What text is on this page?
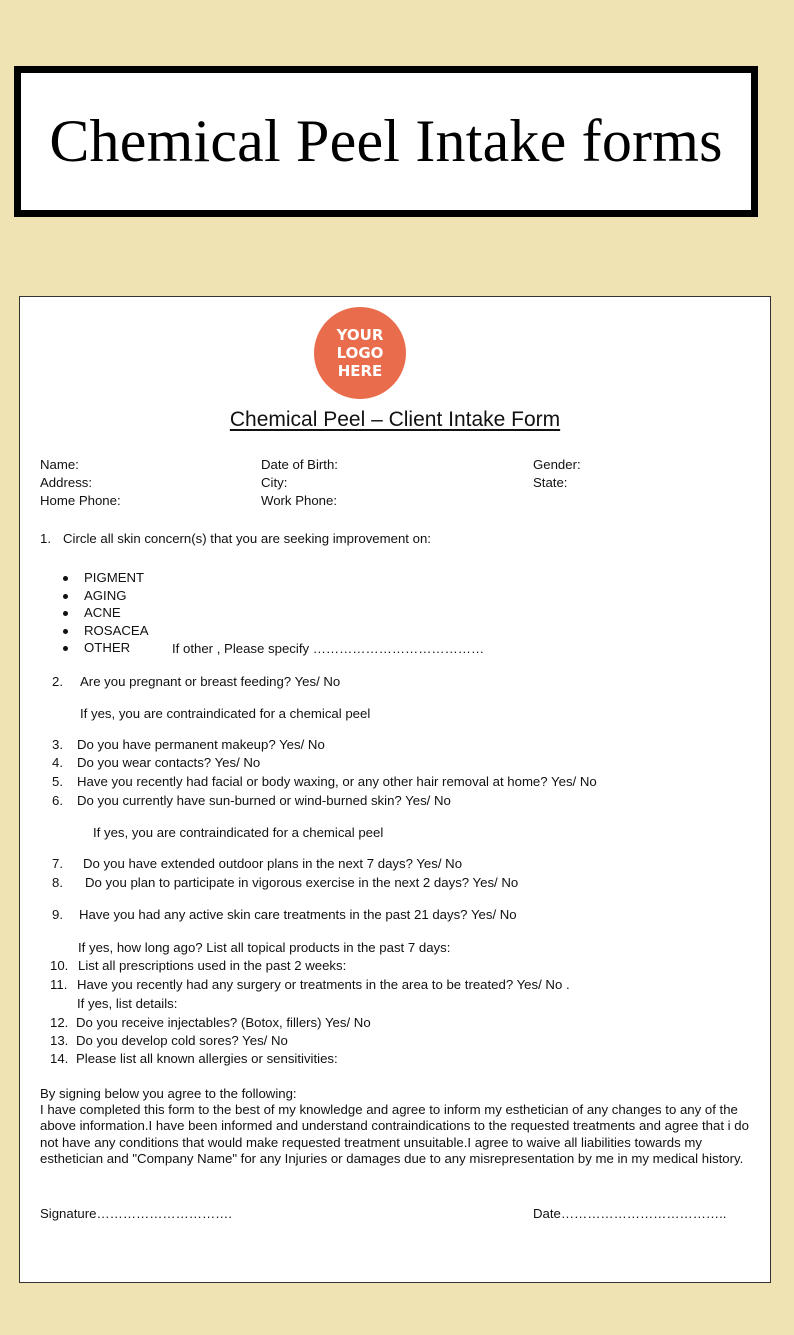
Chemical Peel Intake forms
YOUR
LOGO
HERE
Chemical Peel – Client Intake Form
Name:	Date of Birth:	Gender:
Address:	City:	State:
Home Phone:	Work Phone:
1. Circle all skin concern(s) that you are seeking improvement on:
PIGMENT
AGING
ACNE
ROSACEA
OTHER	If other , Please specify …………………………………
2. Are you pregnant or breast feeding? Yes/ No
If yes, you are contraindicated for a chemical peel
3. Do you have permanent makeup? Yes/ No
4. Do you wear contacts? Yes/ No
5. Have you recently had facial or body waxing, or any other hair removal at home? Yes/ No
6. Do you currently have sun-burned or wind-burned skin? Yes/ No
If yes, you are contraindicated for a chemical peel
7. Do you have extended outdoor plans in the next 7 days? Yes/ No
8. Do you plan to participate in vigorous exercise in the next 2 days? Yes/ No
9. Have you had any active skin care treatments in the past 21 days? Yes/ No
If yes, how long ago? List all topical products in the past 7 days:
10. List all prescriptions used in the past 2 weeks:
11. Have you recently had any surgery or treatments in the area to be treated? Yes/ No .
If yes, list details:
12. Do you receive injectables? (Botox, fillers) Yes/ No
13. Do you develop cold sores? Yes/ No
14. Please list all known allergies or sensitivities:
By signing below you agree to the following:
I have completed this form to the best of my knowledge and agree to inform my esthetician of any changes to any of the above information.I have been informed and understand contraindications to the requested treatments and agree that i do not have any conditions that would make requested treatment unsuitable.I agree to waive all liabilities towards my esthetician and "Company Name" for any Injuries or damages due to any misrepresentation by me in my medical history.
Signature………………………….	Date………………………………..
